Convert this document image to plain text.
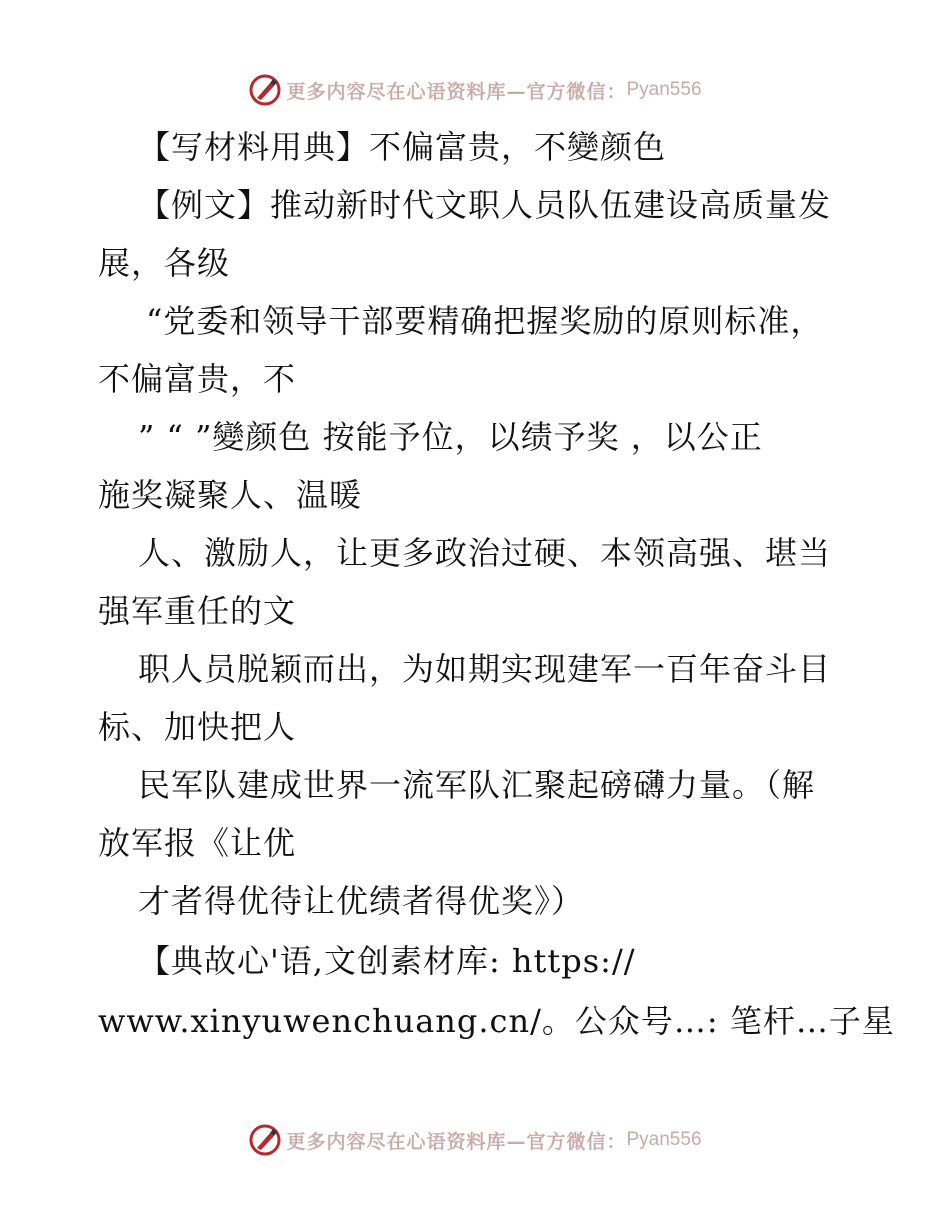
更多内容尽在心语资料库—官方微信： Pyan556
【写材料用典】不偏富贵，不變颜色
【例文】推动新时代文职人员队伍建设高质量发
展，各级
“党委和领导干部要精确把握奖励的原则标准，
不偏富贵，不
” “ ”變颜色 按能予位，以绩予奖 ，以公正
施奖凝聚人、温暖
人、激励人，让更多政治过硬、本领高强、堪当
强军重任的文
职人员脱颖而出，为如期实现建军一百年奋斗目
标、加快把人
民军队建成世界一流军队汇聚起磅礴力量。（解
放军报《让优
才者得优待让优绩者得优奖》）
【典故心'语,文创素材库: https://
www.xinyuwenchuang.cn/。公众号…: 笔杆…子星
更多内容尽在心语资料库—官方微信： Pyan556
